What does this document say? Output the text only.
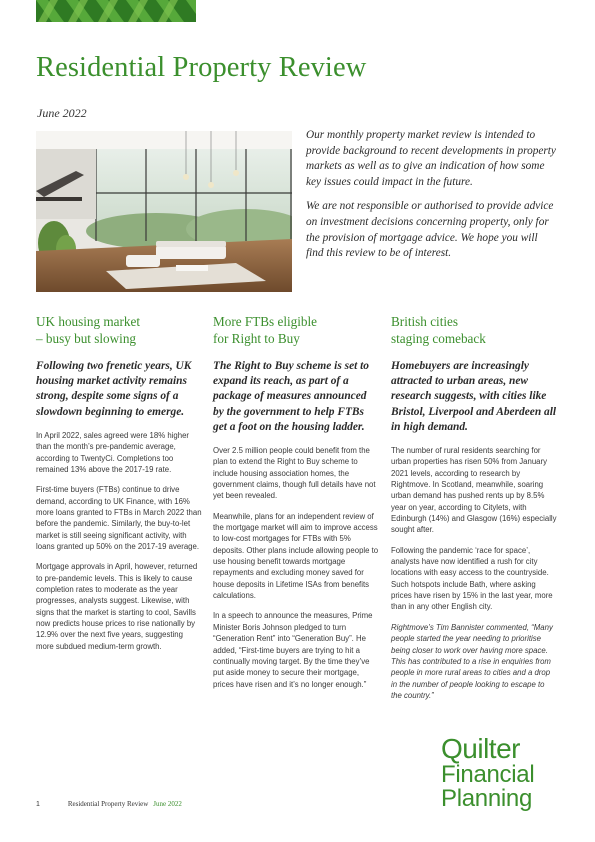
Residential Property Review
June 2022

Our monthly property market review is intended to provide background to recent developments in property markets as well as to give an indication of how some key issues could impact in the future.

We are not responsible or authorised to provide advice on investment decisions concerning property, only for the provision of mortgage advice. We hope you will find this review to be of interest.

UK housing market
– busy but slowing

Following two frenetic years, UK housing market activity remains strong, despite some signs of a slowdown beginning to emerge.

In April 2022, sales agreed were 18% higher than the month’s pre-pandemic average, according to TwentyCi. Completions too remained 13% above the 2017-19 rate.

First-time buyers (FTBs) continue to drive demand, according to UK Finance, with 16% more loans granted to FTBs in March 2022 than before the pandemic. Similarly, the buy-to-let market is still seeing significant activity, with loans granted up 50% on the 2017-19 average.

Mortgage approvals in April, however, returned to pre-pandemic levels. This is likely to cause completion rates to moderate as the year progresses, analysts suggest. Likewise, with signs that the market is starting to cool, Savills now predicts house prices to rise nationally by 12.9% over the next five years, suggesting more subdued medium-term growth.

More FTBs eligible
for Right to Buy

The Right to Buy scheme is set to expand its reach, as part of a package of measures announced by the government to help FTBs get a foot on the housing ladder.

Over 2.5 million people could benefit from the plan to extend the Right to Buy scheme to include housing association homes, the government claims, though full details have not yet been revealed.

Meanwhile, plans for an independent review of the mortgage market will aim to improve access to low-cost mortgages for FTBs with 5% deposits. Other plans include allowing people to use housing benefit towards mortgage repayments and excluding money saved for house deposits in Lifetime ISAs from benefits calculations.

In a speech to announce the measures, Prime Minister Boris Johnson pledged to turn “Generation Rent” into “Generation Buy”. He added, “First-time buyers are trying to hit a continually moving target. By the time they’ve put aside money to secure their mortgage, prices have risen and it’s no longer enough.”

British cities
staging comeback

Homebuyers are increasingly attracted to urban areas, new research suggests, with cities like Bristol, Liverpool and Aberdeen all in high demand.

The number of rural residents searching for urban properties has risen 50% from January 2021 levels, according to research by Rightmove. In Scotland, meanwhile, soaring urban demand has pushed rents up by 8.5% year on year, according to Citylets, with Edinburgh (14%) and Glasgow (16%) especially sought after.

Following the pandemic ‘race for space’, analysts have now identified a rush for city locations with easy access to the countryside. Such hotspots include Bath, where asking prices have risen by 15% in the last year, more than in any other English city.

Rightmove’s Tim Bannister commented, “Many people started the year needing to prioritise being closer to work over having more space. This has contributed to a rise in enquiries from people in more rural areas to cities and a drop in the number of people looking to escape to the country.”

Quilter
Financial
Planning
1	Residential Property Review June 2022
